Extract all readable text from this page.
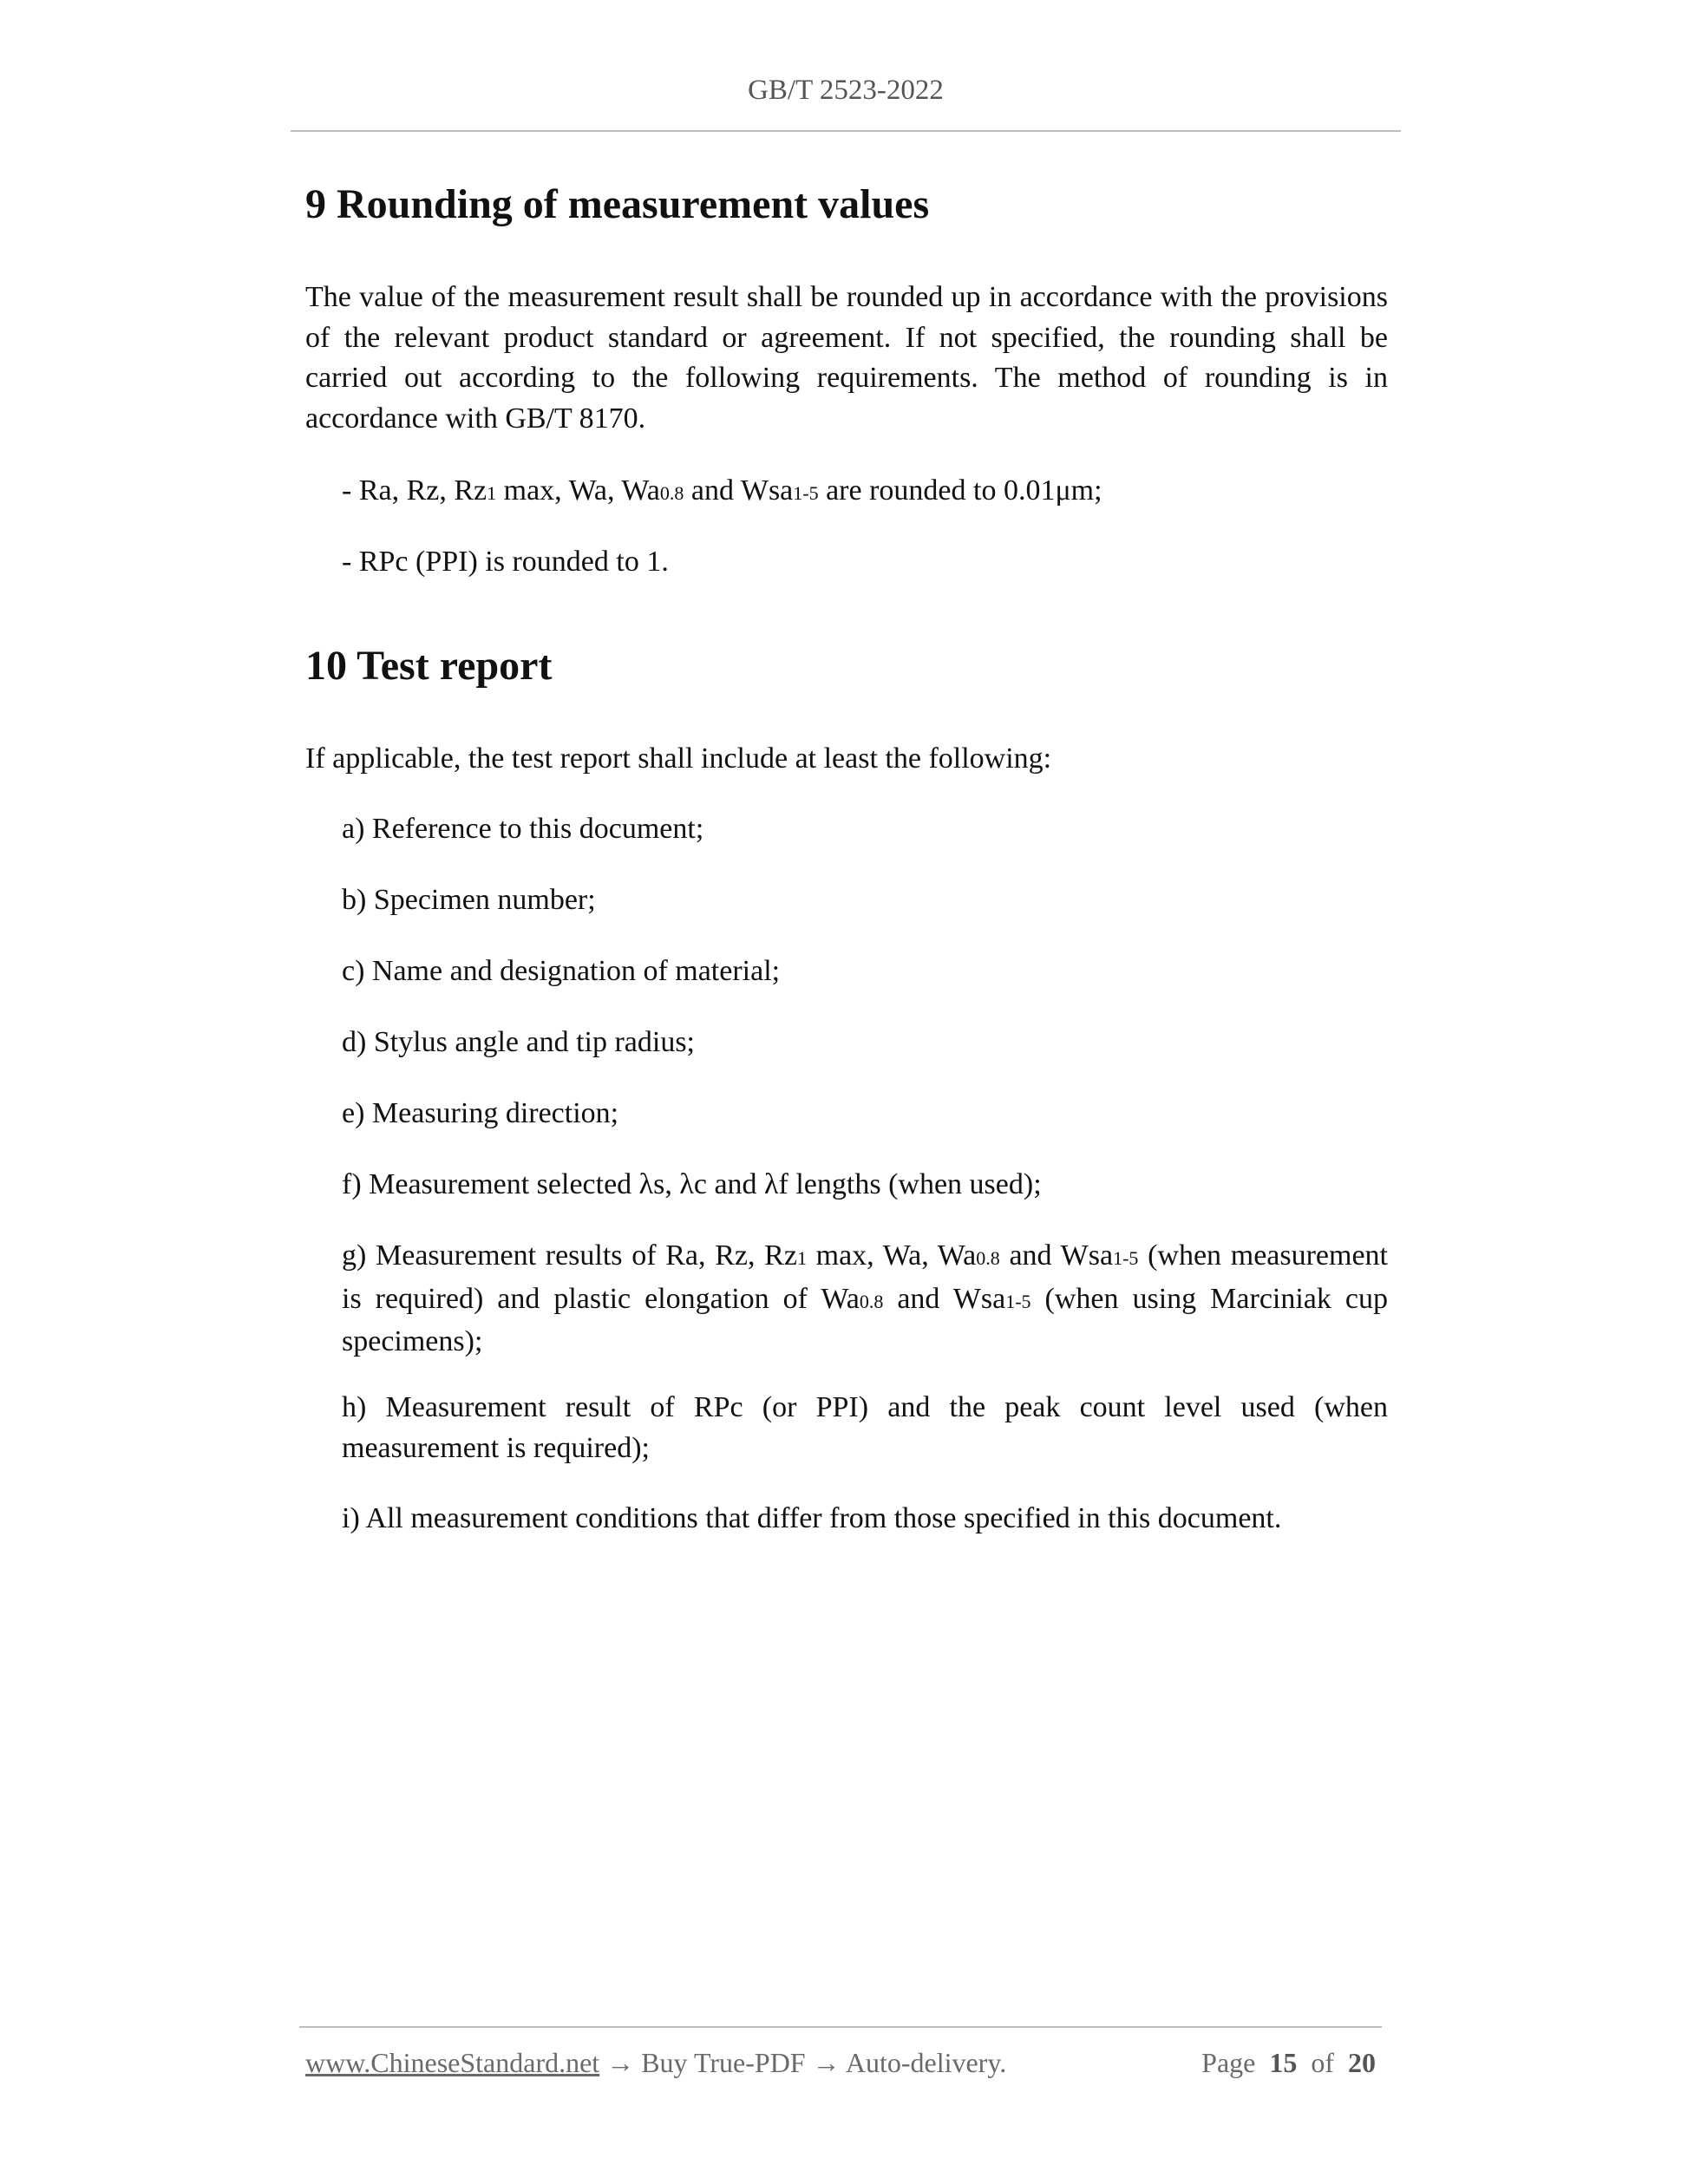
GB/T 2523-2022
9 Rounding of measurement values

The value of the measurement result shall be rounded up in accordance with the provisions of the relevant product standard or agreement. If not specified, the rounding shall be carried out according to the following requirements. The method of rounding is in accordance with GB/T 8170.

- Ra, Rz, Rz1 max, Wa, Wa0.8 and Wsa1-5 are rounded to 0.01μm;

- RPc (PPI) is rounded to 1.

10 Test report

If applicable, the test report shall include at least the following:

a) Reference to this document;

b) Specimen number;

c) Name and designation of material;

d) Stylus angle and tip radius;

e) Measuring direction;

f) Measurement selected λs, λc and λf lengths (when used);

g) Measurement results of Ra, Rz, Rz1 max, Wa, Wa0.8 and Wsa1-5 (when measurement is required) and plastic elongation of Wa0.8 and Wsa1-5 (when using Marciniak cup specimens);

h) Measurement result of RPc (or PPI) and the peak count level used (when measurement is required);

i) All measurement conditions that differ from those specified in this document.

www.ChineseStandard.net → Buy True-PDF → Auto-delivery.	Page 15 of 20
